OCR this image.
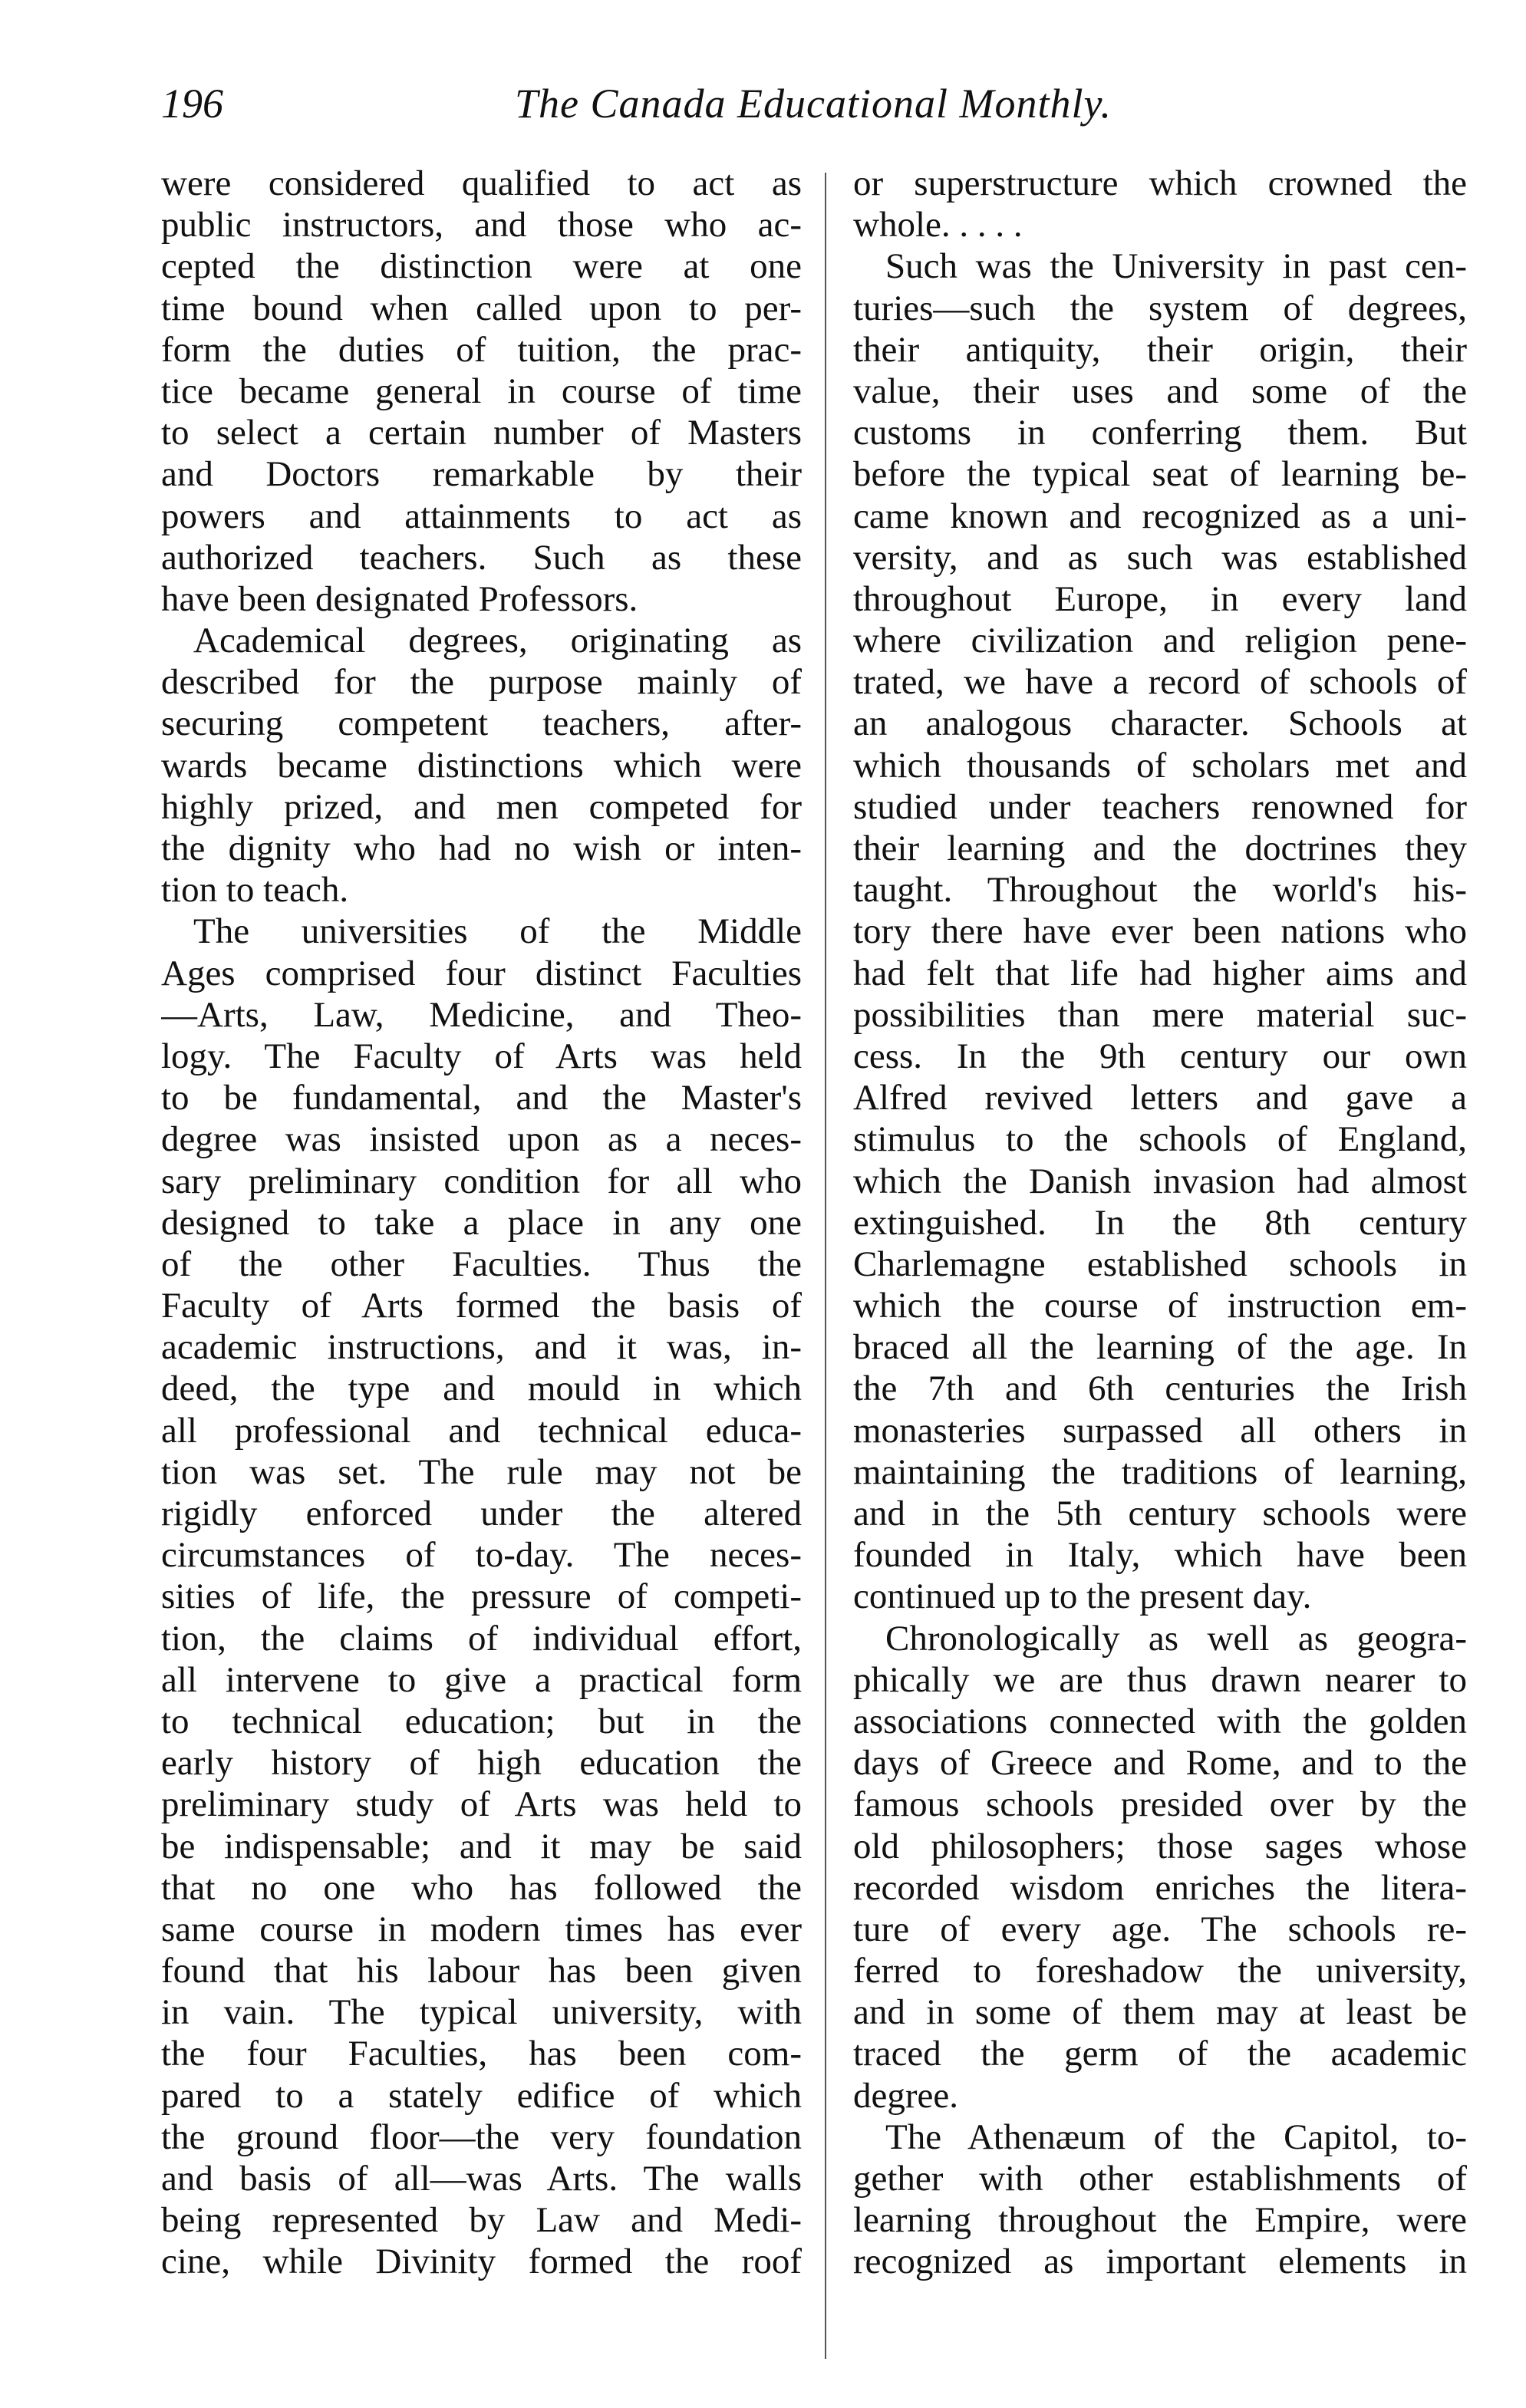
196	The Canada Educational Monthly.
were considered qualified to act as
public instructors, and those who ac-
cepted the distinction were at one
time bound when called upon to per-
form the duties of tuition, the prac-
tice became general in course of time
to select a certain number of Masters
and Doctors remarkable by their
powers and attainments to act as
authorized teachers. Such as these
have been designated Professors.
Academical degrees, originating as
described for the purpose mainly of
securing competent teachers, after-
wards became distinctions which were
highly prized, and men competed for
the dignity who had no wish or inten-
tion to teach.
The universities of the Middle
Ages comprised four distinct Faculties
—Arts, Law, Medicine, and Theo-
logy. The Faculty of Arts was held
to be fundamental, and the Master's
degree was insisted upon as a neces-
sary preliminary condition for all who
designed to take a place in any one
of the other Faculties. Thus the
Faculty of Arts formed the basis of
academic instructions, and it was, in-
deed, the type and mould in which
all professional and technical educa-
tion was set. The rule may not be
rigidly enforced under the altered
circumstances of to-day. The neces-
sities of life, the pressure of competi-
tion, the claims of individual effort,
all intervene to give a practical form
to technical education; but in the
early history of high education the
preliminary study of Arts was held to
be indispensable; and it may be said
that no one who has followed the
same course in modern times has ever
found that his labour has been given
in vain. The typical university, with
the four Faculties, has been com-
pared to a stately edifice of which
the ground floor—the very foundation
and basis of all—was Arts. The walls
being represented by Law and Medi-
cine, while Divinity formed the roof
or superstructure which crowned the
whole. . . . .
Such was the University in past cen-
turies—such the system of degrees,
their antiquity, their origin, their
value, their uses and some of the
customs in conferring them. But
before the typical seat of learning be-
came known and recognized as a uni-
versity, and as such was established
throughout Europe, in every land
where civilization and religion pene-
trated, we have a record of schools of
an analogous character. Schools at
which thousands of scholars met and
studied under teachers renowned for
their learning and the doctrines they
taught. Throughout the world's his-
tory there have ever been nations who
had felt that life had higher aims and
possibilities than mere material suc-
cess. In the 9th century our own
Alfred revived letters and gave a
stimulus to the schools of England,
which the Danish invasion had almost
extinguished. In the 8th century
Charlemagne established schools in
which the course of instruction em-
braced all the learning of the age. In
the 7th and 6th centuries the Irish
monasteries surpassed all others in
maintaining the traditions of learning,
and in the 5th century schools were
founded in Italy, which have been
continued up to the present day.
Chronologically as well as geogra-
phically we are thus drawn nearer to
associations connected with the golden
days of Greece and Rome, and to the
famous schools presided over by the
old philosophers; those sages whose
recorded wisdom enriches the litera-
ture of every age. The schools re-
ferred to foreshadow the university,
and in some of them may at least be
traced the germ of the academic
degree.
The Athenæum of the Capitol, to-
gether with other establishments of
learning throughout the Empire, were
recognized as important elements in
